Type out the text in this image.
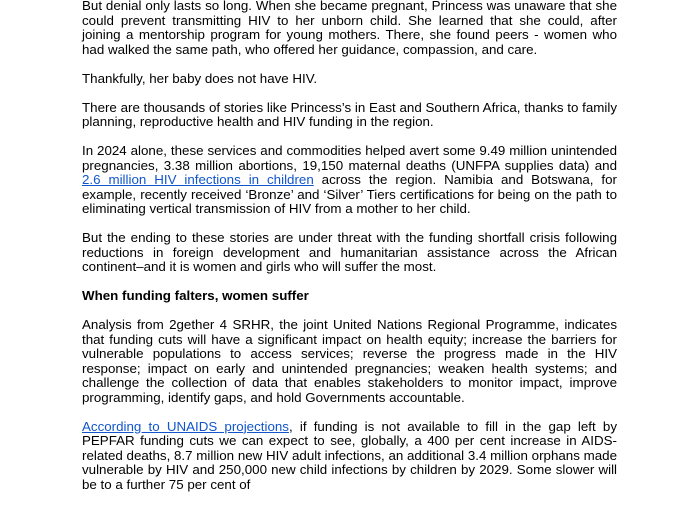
But denial only lasts so long. When she became pregnant, Princess was unaware that she could prevent transmitting HIV to her unborn child. She learned that she could, after joining a mentorship program for young mothers. There, she found peers - women who had walked the same path, who offered her guidance, compassion, and care.

Thankfully, her baby does not have HIV.

There are thousands of stories like Princess’s in East and Southern Africa, thanks to family planning, reproductive health and HIV funding in the region.

In 2024 alone, these services and commodities helped avert some 9.49 million unintended pregnancies, 3.38 million abortions, 19,150 maternal deaths (UNFPA supplies data) and 2.6 million HIV infections in children across the region. Namibia and Botswana, for example, recently received ‘Bronze’ and ‘Silver’ Tiers certifications for being on the path to eliminating vertical transmission of HIV from a mother to her child.

But the ending to these stories are under threat with the funding shortfall crisis following reductions in foreign development and humanitarian assistance across the African continent–and it is women and girls who will suffer the most.

When funding falters, women suffer

Analysis from 2gether 4 SRHR, the joint United Nations Regional Programme, indicates that funding cuts will have a significant impact on health equity; increase the barriers for vulnerable populations to access services; reverse the progress made in the HIV response; impact on early and unintended pregnancies; weaken health systems; and challenge the collection of data that enables stakeholders to monitor impact, improve programming, identify gaps, and hold Governments accountable.

According to UNAIDS projections, if funding is not available to fill in the gap left by PEPFAR funding cuts we can expect to see, globally, a 400 per cent increase in AIDS-related deaths, 8.7 million new HIV adult infections, an additional 3.4 million orphans made vulnerable by HIV and 250,000 new child infections by children by 2029. Some slower will be to a further 75 per cent of
